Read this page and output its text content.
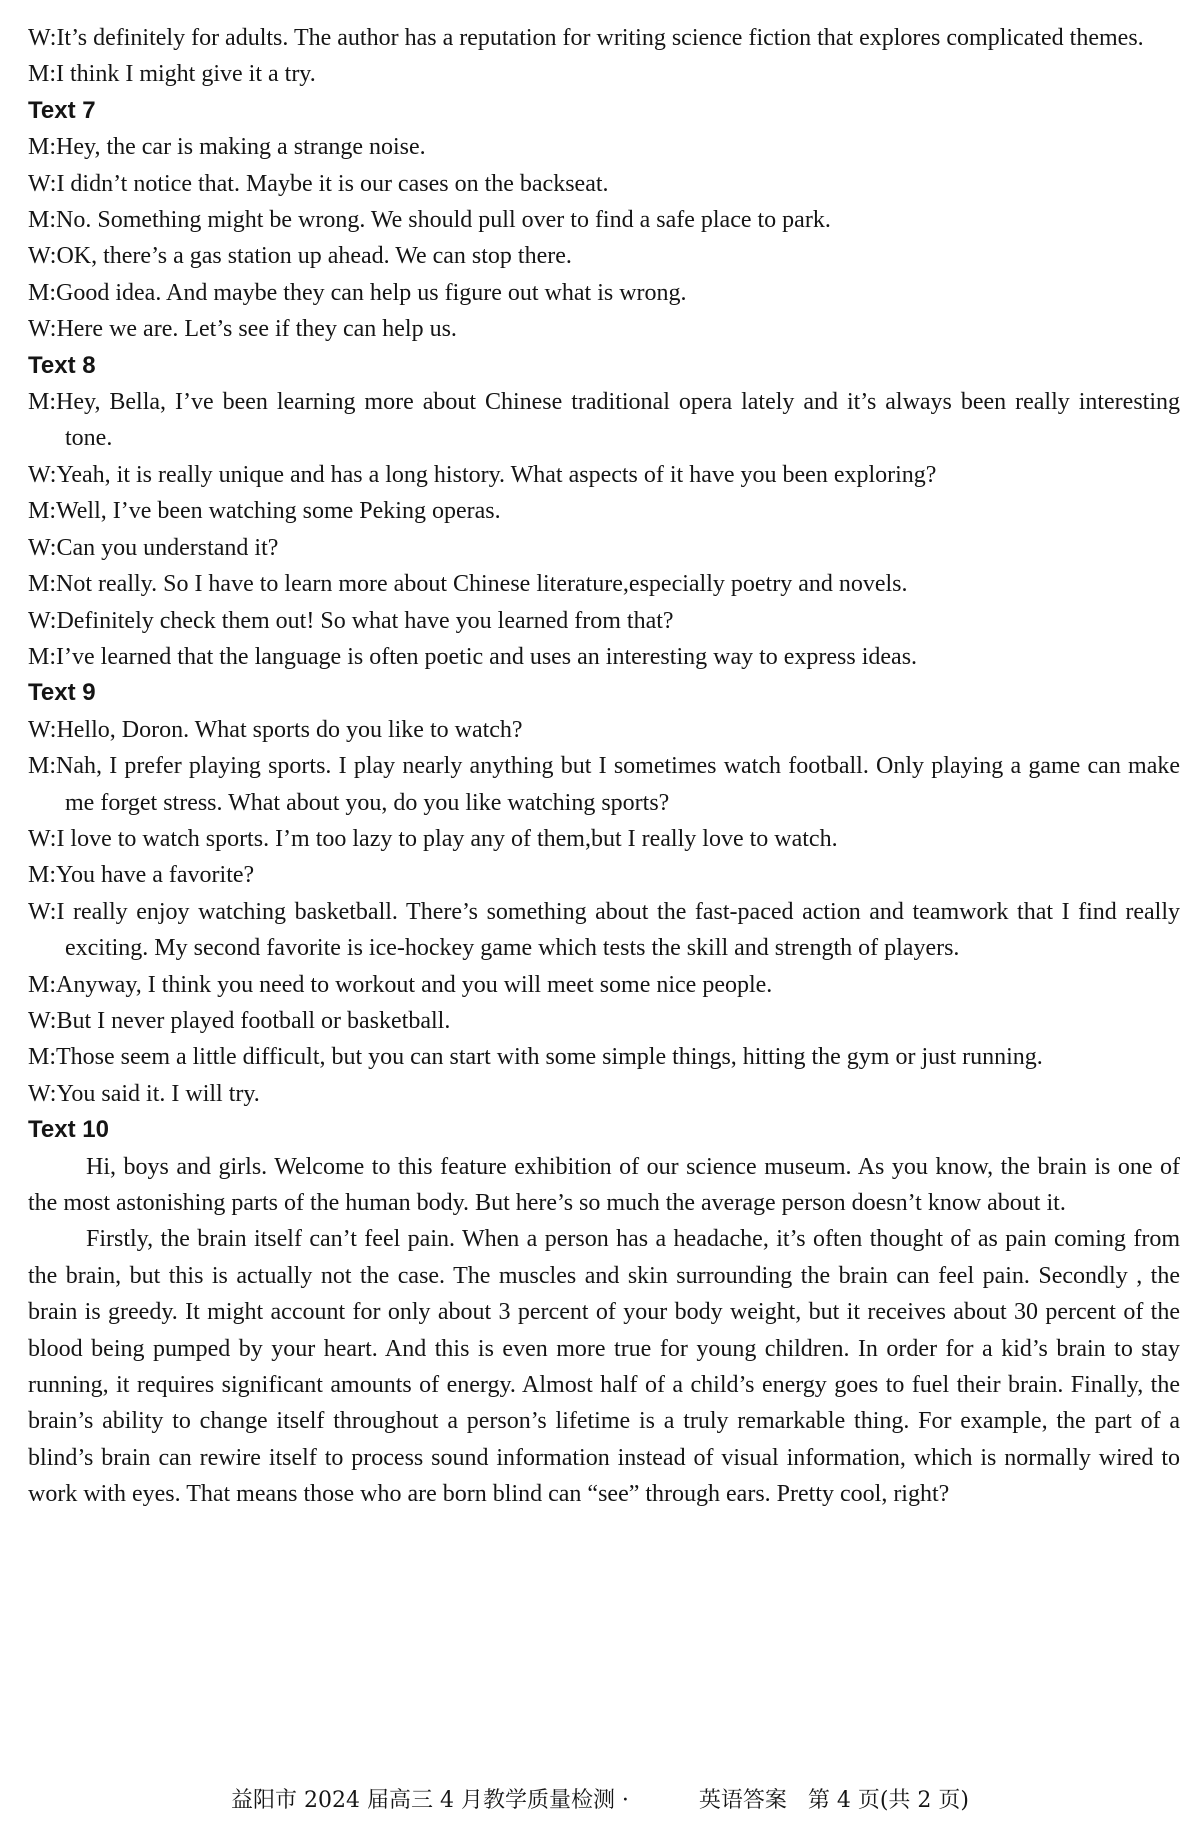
W:It’s definitely for adults. The author has a reputation for writing science fiction that explores complicated themes.
M:I think I might give it a try.
Text 7
M:Hey, the car is making a strange noise.
W:I didn’t notice that. Maybe it is our cases on the backseat.
M:No. Something might be wrong. We should pull over to find a safe place to park.
W:OK, there’s a gas station up ahead. We can stop there.
M:Good idea. And maybe they can help us figure out what is wrong.
W:Here we are. Let’s see if they can help us.
Text 8
M:Hey, Bella, I’ve been learning more about Chinese traditional opera lately and it’s always been really interesting tone.
W:Yeah, it is really unique and has a long history. What aspects of it have you been exploring?
M:Well, I’ve been watching some Peking operas.
W:Can you understand it?
M:Not really. So I have to learn more about Chinese literature,especially poetry and novels.
W:Definitely check them out! So what have you learned from that?
M:I’ve learned that the language is often poetic and uses an interesting way to express ideas.
Text 9
W:Hello, Doron. What sports do you like to watch?
M:Nah, I prefer playing sports. I play nearly anything but I sometimes watch football. Only playing a game can make me forget stress. What about you, do you like watching sports?
W:I love to watch sports. I’m too lazy to play any of them,but I really love to watch.
M:You have a favorite?
W:I really enjoy watching basketball. There’s something about the fast-paced action and teamwork that I find really exciting. My second favorite is ice-hockey game which tests the skill and strength of players.
M:Anyway, I think you need to workout and you will meet some nice people.
W:But I never played football or basketball.
M:Those seem a little difficult, but you can start with some simple things, hitting the gym or just running.
W:You said it. I will try.
Text 10
Hi, boys and girls. Welcome to this feature exhibition of our science museum. As you know, the brain is one of the most astonishing parts of the human body. But here’s so much the average person doesn’t know about it.
Firstly, the brain itself can’t feel pain. When a person has a headache, it’s often thought of as pain coming from the brain, but this is actually not the case. The muscles and skin surrounding the brain can feel pain. Secondly , the brain is greedy. It might account for only about 3 percent of your body weight, but it receives about 30 percent of the blood being pumped by your heart. And this is even more true for young children. In order for a kid’s brain to stay running, it requires significant amounts of energy. Almost half of a child’s energy goes to fuel their brain. Finally, the brain’s ability to change itself throughout a person’s lifetime is a truly remarkable thing. For example, the part of a blind’s brain can rewire itself to process sound information instead of visual information, which is normally wired to work with eyes. That means those who are born blind can “see” through ears. Pretty cool, right?
益阳市 2024 届高三 4 月教学质量检测 ·	英语答案   第 4 页(共 2 页)
